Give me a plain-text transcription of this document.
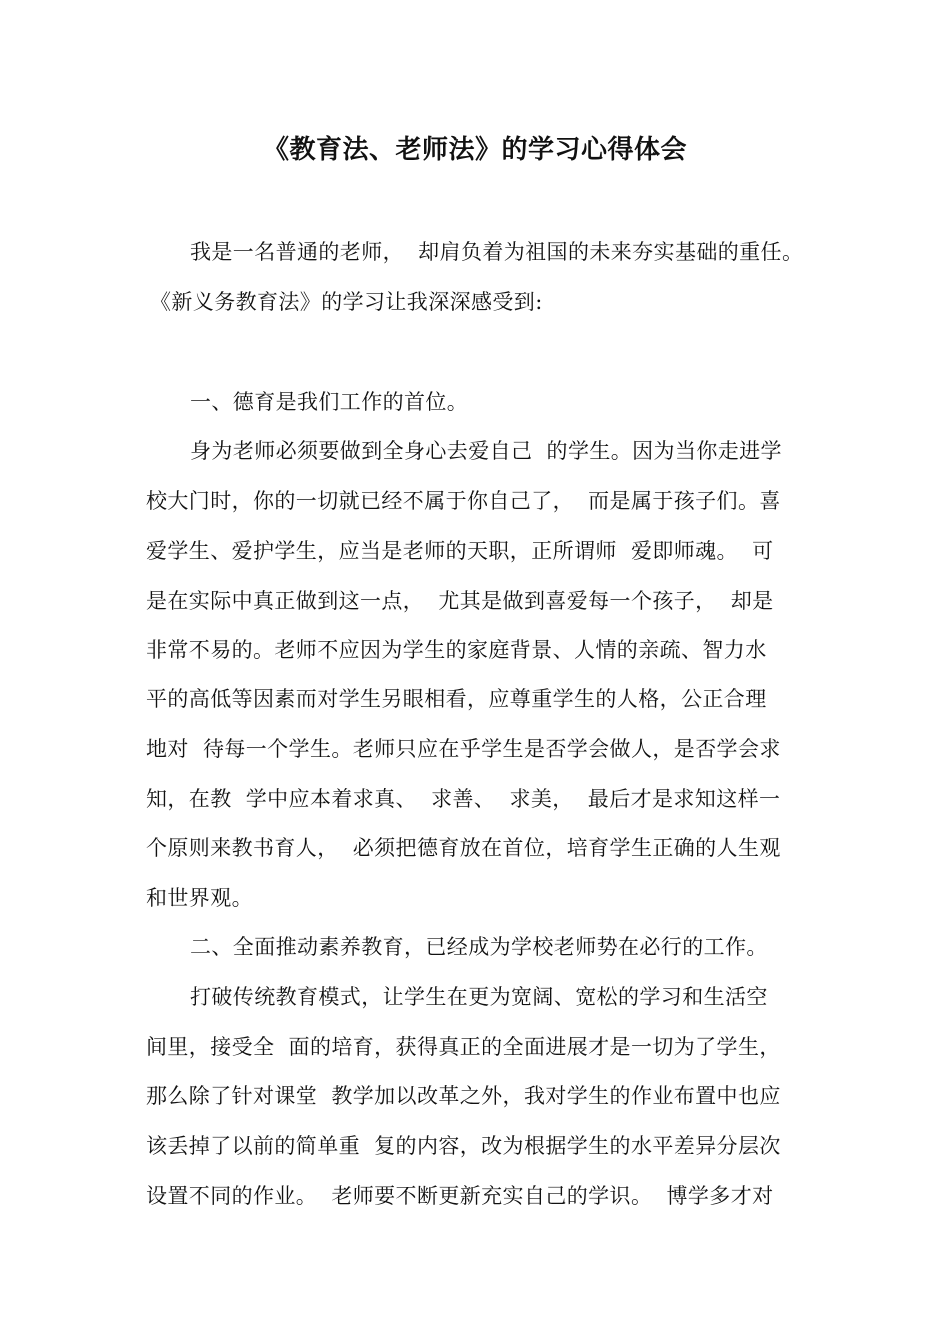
《教育法、老师法》的学习心得体会
我是一名普通的老师，  却肩负着为祖国的未来夯实基础的重任。
《新义务教育法》的学习让我深深感受到:
一、德育是我们工作的首位。
身为老师必须要做到全身心去爱自己  的学生。因为当你走进学
校大门时，你的一切就已经不属于你自己了，  而是属于孩子们。喜
爱学生、爱护学生，应当是老师的天职，正所谓师  爱即师魂。  可
是在实际中真正做到这一点，  尤其是做到喜爱每一个孩子，  却是
非常不易的。老师不应因为学生的家庭背景、人情的亲疏、智力水
平的高低等因素而对学生另眼相看，应尊重学生的人格，公正合理
地对  待每一个学生。老师只应在乎学生是否学会做人，是否学会求
知，在教  学中应本着求真、  求善、  求美，  最后才是求知这样一
个原则来教书育人，  必须把德育放在首位，培育学生正确的人生观
和世界观。
二、全面推动素养教育，已经成为学校老师势在必行的工作。
打破传统教育模式，让学生在更为宽阔、宽松的学习和生活空
间里，接受全  面的培育，获得真正的全面进展才是一切为了学生，
那么除了针对课堂  教学加以改革之外，我对学生的作业布置中也应
该丢掉了以前的简单重  复的内容，改为根据学生的水平差异分层次
设置不同的作业。  老师要不断更新充实自己的学识。  博学多才对
